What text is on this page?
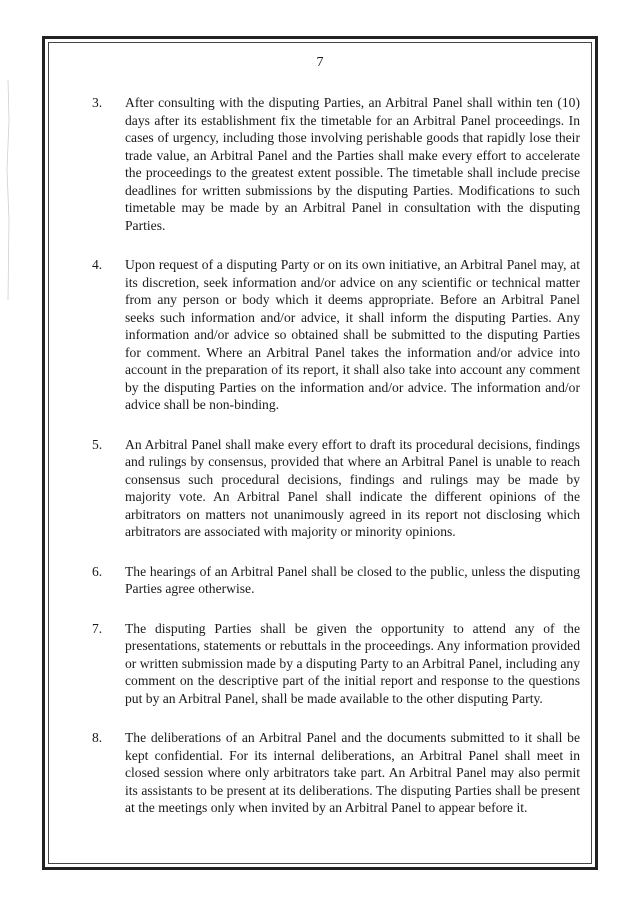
7
3.	After consulting with the disputing Parties, an Arbitral Panel shall within ten (10) days after its establishment fix the timetable for an Arbitral Panel proceedings. In cases of urgency, including those involving perishable goods that rapidly lose their trade value, an Arbitral Panel and the Parties shall make every effort to accelerate the proceedings to the greatest extent possible. The timetable shall include precise deadlines for written submissions by the disputing Parties. Modifications to such timetable may be made by an Arbitral Panel in consultation with the disputing Parties.
4.	Upon request of a disputing Party or on its own initiative, an Arbitral Panel may, at its discretion, seek information and/or advice on any scientific or technical matter from any person or body which it deems appropriate. Before an Arbitral Panel seeks such information and/or advice, it shall inform the disputing Parties. Any information and/or advice so obtained shall be submitted to the disputing Parties for comment. Where an Arbitral Panel takes the information and/or advice into account in the preparation of its report, it shall also take into account any comment by the disputing Parties on the information and/or advice. The information and/or advice shall be non-binding.
5.	An Arbitral Panel shall make every effort to draft its procedural decisions, findings and rulings by consensus, provided that where an Arbitral Panel is unable to reach consensus such procedural decisions, findings and rulings may be made by majority vote. An Arbitral Panel shall indicate the different opinions of the arbitrators on matters not unanimously agreed in its report not disclosing which arbitrators are associated with majority or minority opinions.
6.	The hearings of an Arbitral Panel shall be closed to the public, unless the disputing Parties agree otherwise.
7.	The disputing Parties shall be given the opportunity to attend any of the presentations, statements or rebuttals in the proceedings. Any information provided or written submission made by a disputing Party to an Arbitral Panel, including any comment on the descriptive part of the initial report and response to the questions put by an Arbitral Panel, shall be made available to the other disputing Party.
8.	The deliberations of an Arbitral Panel and the documents submitted to it shall be kept confidential. For its internal deliberations, an Arbitral Panel shall meet in closed session where only arbitrators take part. An Arbitral Panel may also permit its assistants to be present at its deliberations. The disputing Parties shall be present at the meetings only when invited by an Arbitral Panel to appear before it.
